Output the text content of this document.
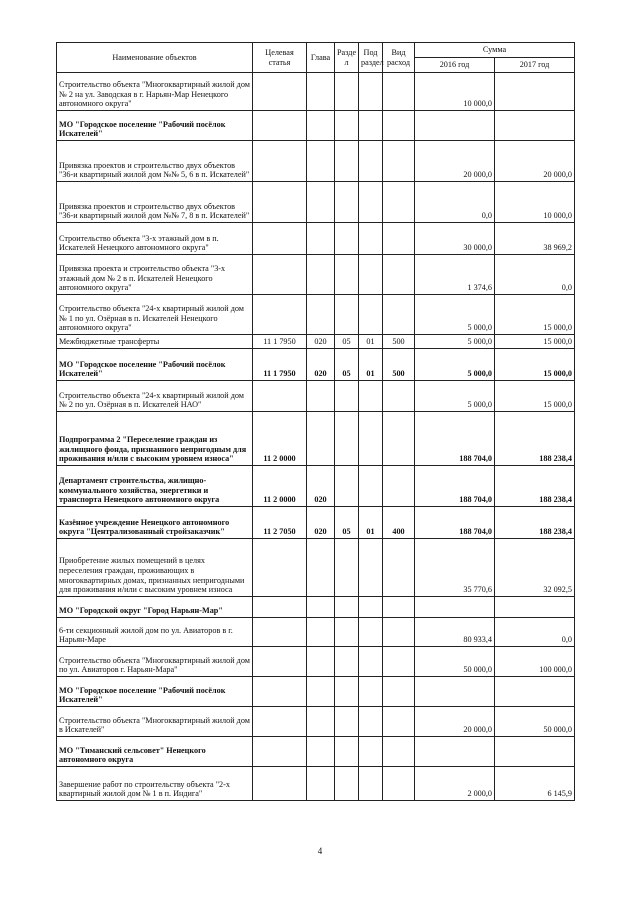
Наименование объектов	Целевая статья	Глава	Разде л	Под раздел	Вид расход	Сумма	
						2016 год	2017 год
Строительство объекта "Многоквартирный жилой дом № 2 на ул. Заводская в г. Нарьян-Мар Ненецкого автономного округа"						10 000,0	
МО "Городское поселение "Рабочий посёлок Искателей"							
Привязка проектов и строительство двух объектов "36-и квартирный жилой дом №№ 5, 6 в п. Искателей"						20 000,0	20 000,0
Привязка проектов и строительство двух объектов "36-и квартирный жилой дом №№ 7, 8 в п. Искателей"						0,0	10 000,0
Строительство объекта "3-х этажный дом в п. Искателей Ненецкого автономного округа"						30 000,0	38 969,2
Привязка проекта и строительство объекта "3-х этажный дом № 2 в п. Искателей Ненецкого автономного округа"						1 374,6	0,0
Строительство объекта "24-х квартирный жилой дом № 1 по ул. Озёрная в п. Искателей Ненецкого автономного округа"						5 000,0	15 000,0
Межбюджетные трансферты	11 1 7950	020	05	01	500	5 000,0	15 000,0
МО "Городское поселение "Рабочий посёлок Искателей"	11 1 7950	020	05	01	500	5 000,0	15 000,0
Строительство объекта "24-х квартирный жилой дом № 2 по ул. Озёрная в п. Искателей НАО"						5 000,0	15 000,0
Подпрограмма 2 "Переселение граждан из жилищного фонда, признанного непригодным для проживания и/или с высоким уровнем износа"	11 2 0000					188 704,0	188 238,4
Департамент строительства, жилищно-коммунального хозяйства, энергетики и транспорта Ненецкого автономного округа	11 2 0000	020				188 704,0	188 238,4
Казённое учреждение Ненецкого автономного округа "Централизованный стройзаказчик"	11 2 7050	020	05	01	400	188 704,0	188 238,4
Приобретение жилых помещений в целях переселения граждан, проживающих в многоквартирных домах, признанных непригодными для проживания и/или с высоким уровнем износа						35 770,6	32 092,5
МО "Городской округ "Город Нарьян-Мар"							
6-ти секционный жилой дом по ул. Авиаторов в г. Нарьян-Маре						80 933,4	0,0
Строительство объекта "Многоквартирный жилой дом по ул. Авиаторов г. Нарьян-Мара"						50 000,0	100 000,0
МО "Городское поселение "Рабочий посёлок Искателей"							
Строительство объекта "Многоквартирный жилой дом в Искателей"						20 000,0	50 000,0
МО "Тиманский сельсовет" Ненецкого автономного округа							
Завершение работ по строительству объекта "2-х квартирный жилой дом № 1 в п. Индига"						2 000,0	6 145,9
4
